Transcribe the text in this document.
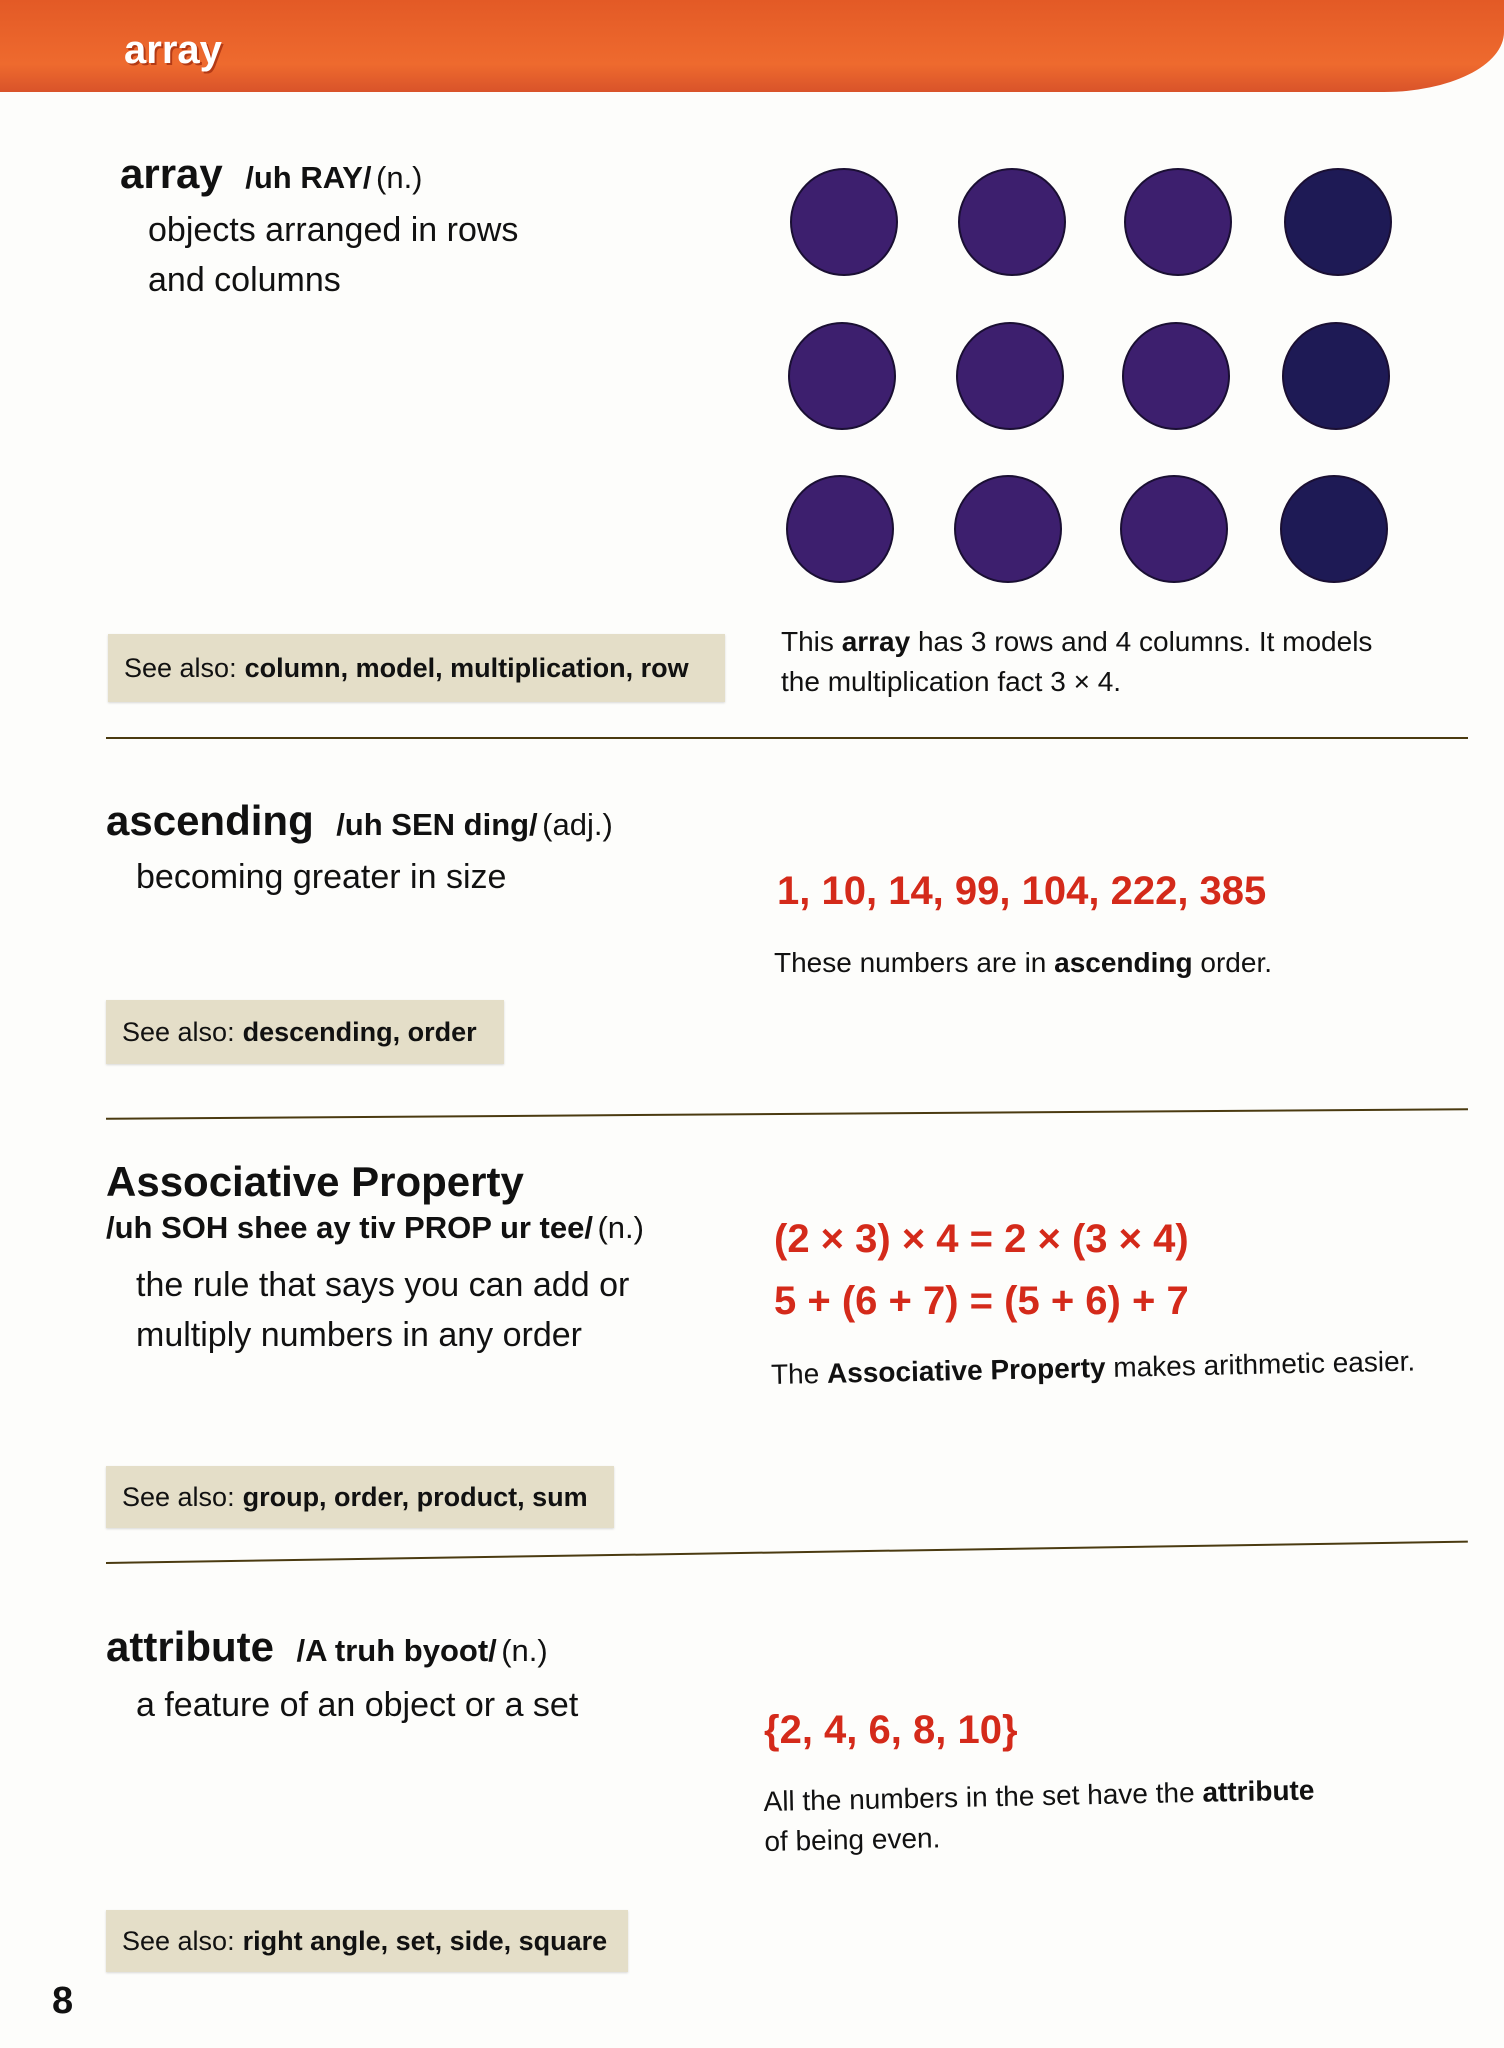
array
array /uh RAY/ (n.)
objects arranged in rows
and columns
This array has 3 rows and 4 columns. It models
the multiplication fact 3 × 4.
See also: column, model, multiplication, row
ascending /uh SEN ding/ (adj.)
becoming greater in size	1, 10, 14, 99, 104, 222, 385
These numbers are in ascending order.
See also: descending, order
Associative Property
/uh SOH shee ay tiv PROP ur tee/ (n.)
the rule that says you can add or
multiply numbers in any order
(2 × 3) × 4 = 2 × (3 × 4)
5 + (6 + 7) = (5 + 6) + 7
The Associative Property makes arithmetic easier.
See also: group, order, product, sum
attribute /A truh byoot/ (n.)
a feature of an object or a set
{2, 4, 6, 8, 10}
All the numbers in the set have the attribute
of being even.
See also: right angle, set, side, square
8
